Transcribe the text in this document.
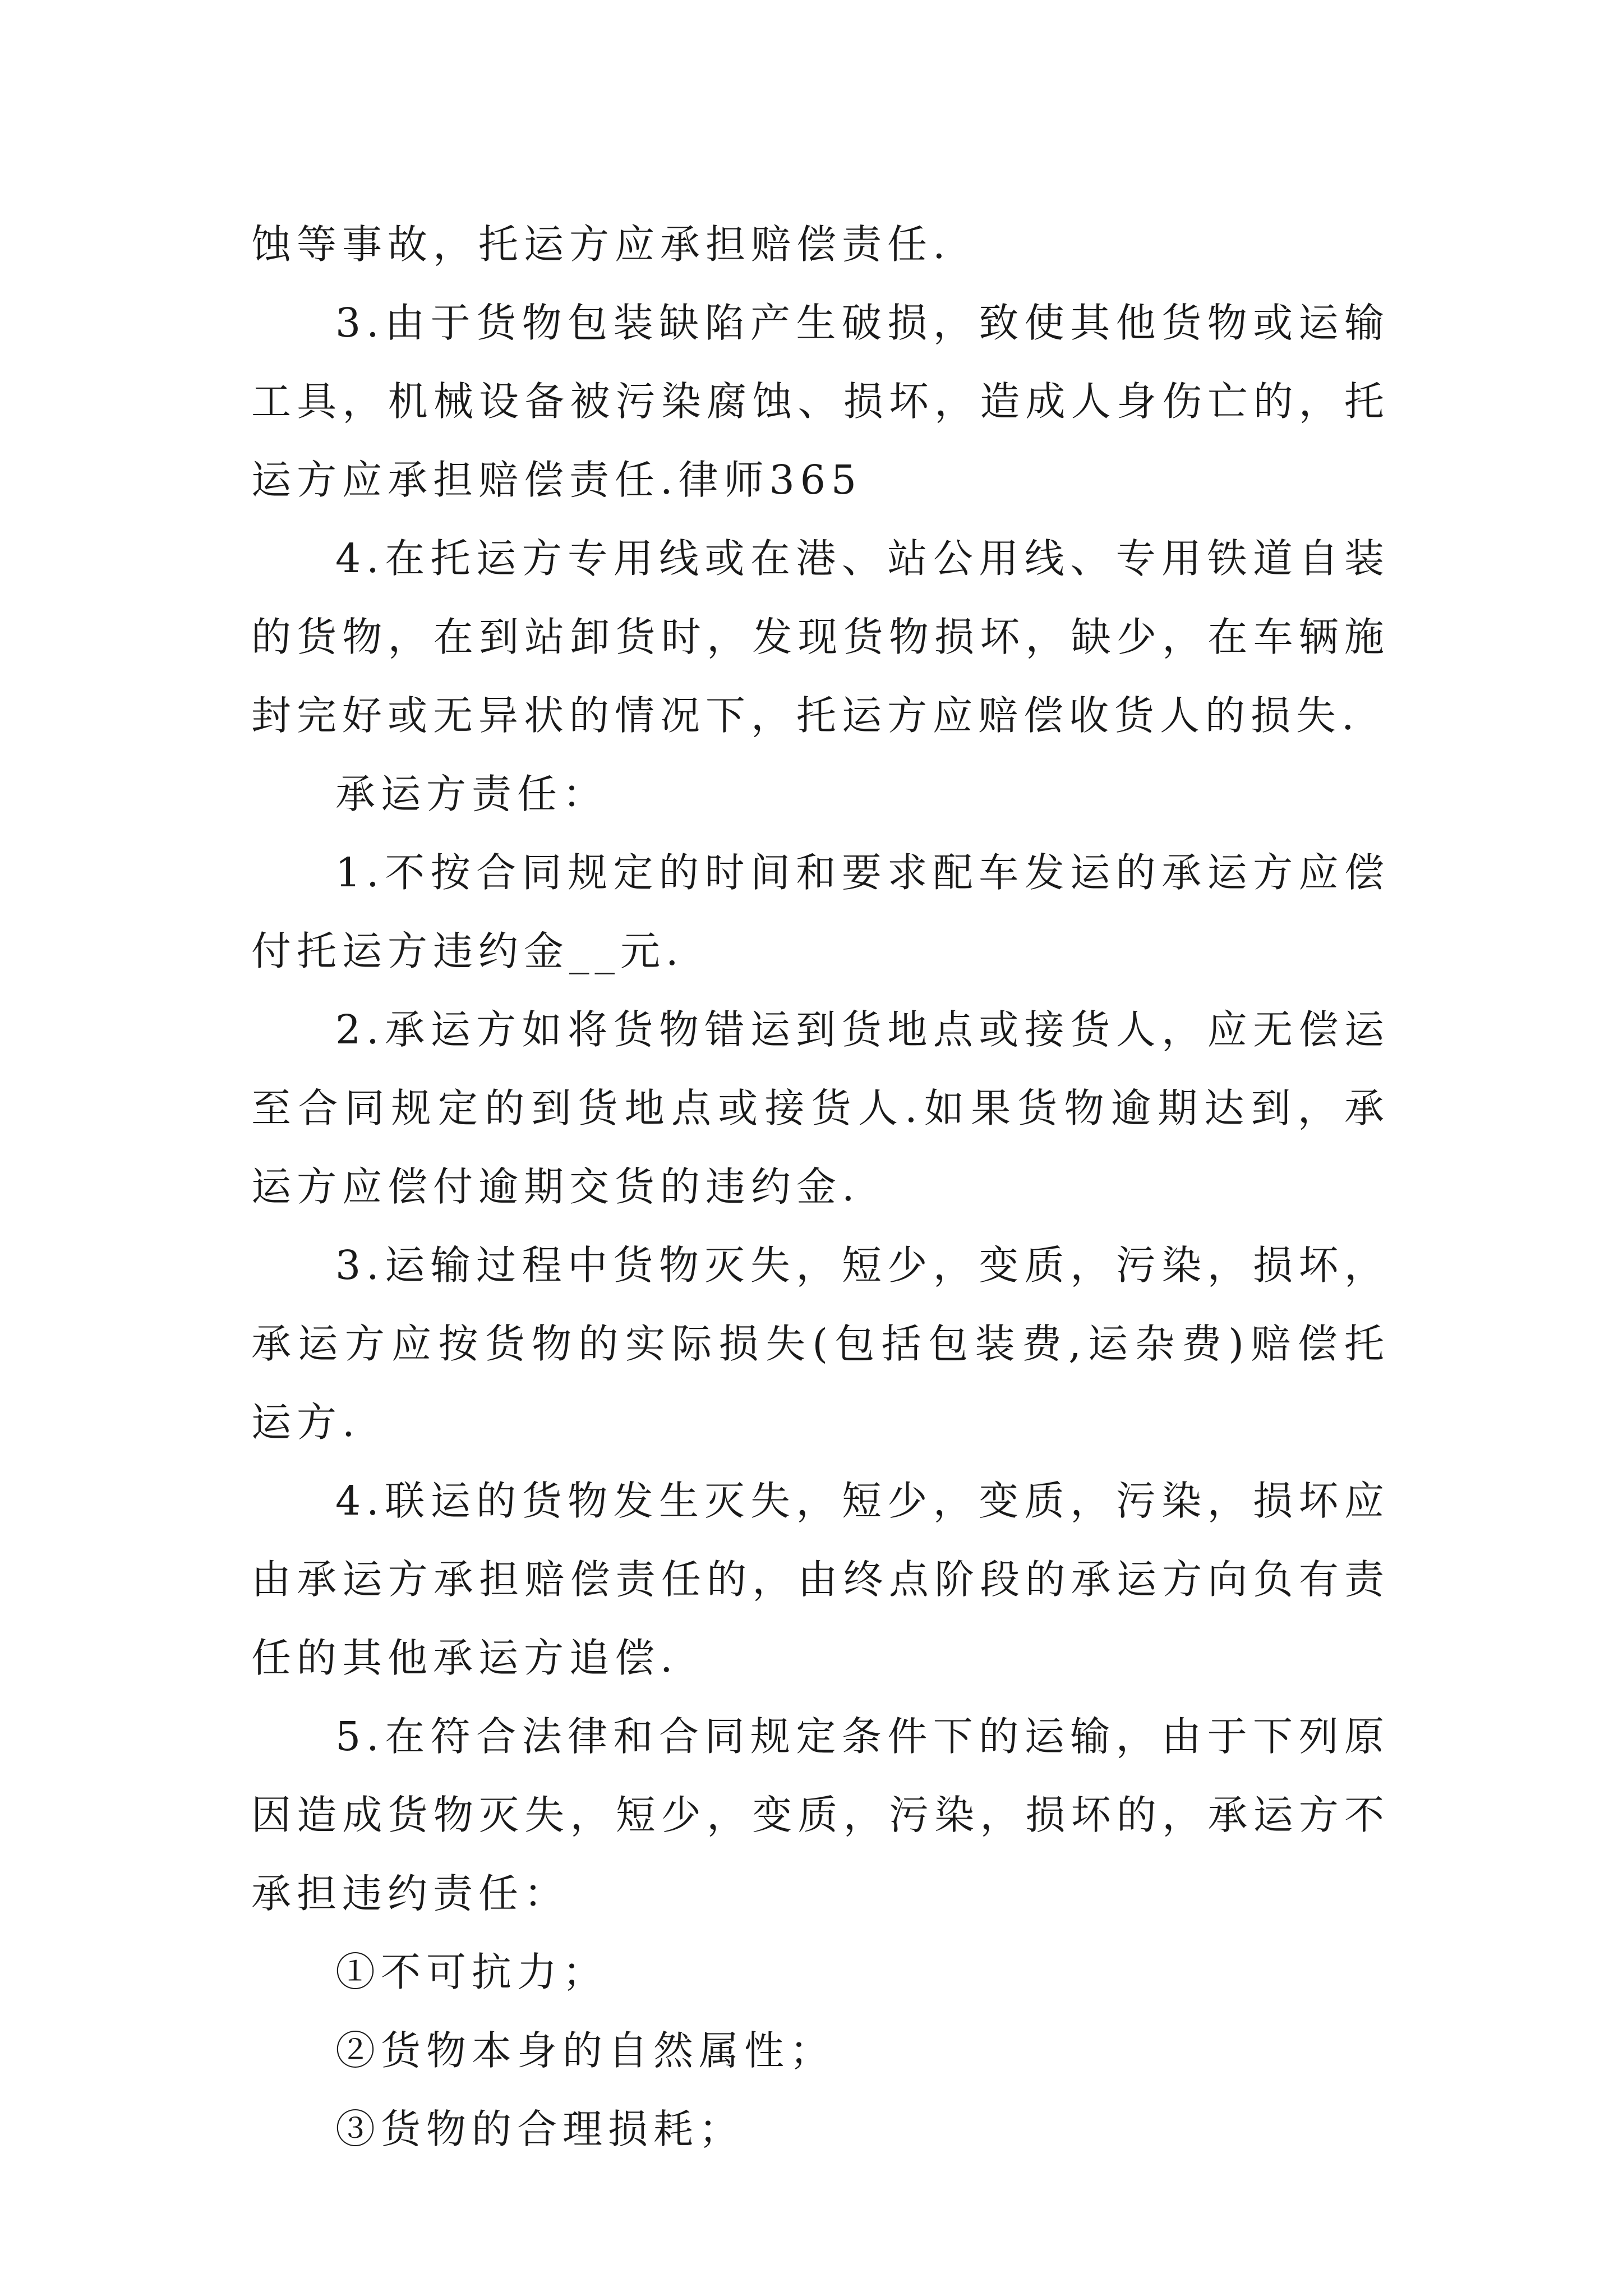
蚀等事故，托运方应承担赔偿责任.

3.由于货物包装缺陷产生破损，致使其他货物或运输工具，机械设备被污染腐蚀、损坏，造成人身伤亡的，托运方应承担赔偿责任.律师365

4.在托运方专用线或在港、站公用线、专用铁道自装的货物，在到站卸货时，发现货物损坏，缺少，在车辆施封完好或无异状的情况下，托运方应赔偿收货人的损失.

承运方责任：

1.不按合同规定的时间和要求配车发运的承运方应偿付托运方违约金__元.

2.承运方如将货物错运到货地点或接货人，应无偿运至合同规定的到货地点或接货人.如果货物逾期达到，承运方应偿付逾期交货的违约金.

3.运输过程中货物灭失，短少，变质，污染，损坏，承运方应按货物的实际损失(包括包装费,运杂费)赔偿托运方.

4.联运的货物发生灭失，短少，变质，污染，损坏应由承运方承担赔偿责任的，由终点阶段的承运方向负有责任的其他承运方追偿.

5.在符合法律和合同规定条件下的运输，由于下列原因造成货物灭失，短少，变质，污染，损坏的，承运方不承担违约责任：

①不可抗力；

②货物本身的自然属性；

③货物的合理损耗；
